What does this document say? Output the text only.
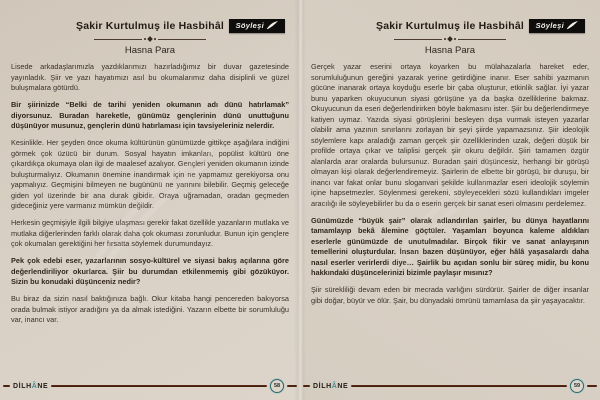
Şakir Kurtulmuş ile Hasbihâl	Söyleşi
Hasna Para

Lisede arkadaşlarımızla yazdıklarımızı hazırladığımız bir duvar gazetesinde yayınladık. Şiir ve yazı hayatımızı asıl bu okumalarımız daha disiplinli ve güzel buluşmalara götürdü.

Bir şiirinizde “Belki de tarihi yeniden okumanın adı dünü hatırlamak” diyorsunuz. Buradan hareketle, günümüz gençlerinin dünü unuttuğunu düşünüyor musunuz, gençlerin dünü hatırlaması için tavsiyeleriniz nelerdir.

Kesinlikle. Her şeyden önce okuma kültürünün günümüzde gittikçe aşağılara indiğini görmek çok üzücü bir durum. Sosyal hayatın imkanları, popülist kültürü öne çıkardıkça okumaya olan ilgi de maalesef azalıyor. Gençleri yeniden okumanın izinde buluşturmalıyız. Okumanın önemine inandırmak için ne yapmamız gerekiyorsa onu yapmalıyız. Geçmişini bilmeyen ne bugününü ne yarınını bilebilir. Geçmiş geleceğe giden yol üzerinde bir ana durak gibidir. Oraya uğramadan, oradan geçmeden gideceğiniz yere varmanız mümkün değildir.

Herkesin geçmişiyle ilgili bilgiye ulaşması gerekir fakat özellikle yazanların mutlaka ve mutlaka diğerlerinden farklı olarak daha çok okuması zorunludur. Bunun için gençlere çok okumaları gerektiğini her fırsatta söylemek durumundayız.

Pek çok edebi eser, yazarlarının sosyo-kültürel ve siyasi bakış açılarına göre değerlendiriliyor okurlarca. Şiir bu durumdan etkilenmemiş gibi gözüküyor. Sizin bu konudaki düşünceniz nedir?

Bu biraz da sizin nasıl baktığınıza bağlı. Okur kitaba hangi pencereden bakıyorsa orada bulmak istiyor aradığını ya da almak istediğini. Yazarın elbette bir sorumluluğu var, inancı var.

DİLHÂNE	58
Şakir Kurtulmuş ile Hasbihâl	Söyleşi
Hasna Para

Gerçek yazar eserini ortaya koyarken bu mülahazalarla hareket eder, sorumluluğunun gereğini yazarak yerine getirdiğine inanır. Eser sahibi yazmanın gücüne inanarak ortaya koyduğu eserle bir çaba oluşturur, etkinlik sağlar. İyi yazar bunu yaparken okuyucunun siyasi görüşüne ya da başka özelliklerine bakmaz. Okuyucunun da eseri değerlendirirken böyle bakmasını ister. Şiir bu değerlendirmeye katiyen uymaz. Yazıda siyasi görüşlerini besleyen dışa vurmak isteyen yazarlar olabilir ama yazının sınırlarını zorlayan bir şeyi şiirde yapamazsınız. Şiir ideolojik söylemlere kapı araladığı zaman gerçek şiir özelliklerinden uzak, değeri düşük bir profilde ortaya çıkar ve taliplisi gerçek şiir okuru değildir. Şiiri tamamen özgür alanlarda arar oralarda bulursunuz. Buradan şairi düşüncesiz, herhangi bir görüşü olmayan kişi olarak değerlendiremeyiz. Şairlerin de elbette bir görüşü, bir duruşu, bir inancı var fakat onlar bunu sloganvari şekilde kullanmazlar eseri ideolojik söylemin içine hapsetmezler. Söylenmesi gerekeni, söyleyecekleri sözü kullandıkları imgeler aracılığı ile söyleyebilirler bu da o eserin gerçek bir sanat eseri olmasını perdelemez.

Günümüzde “büyük şair” olarak adlandırılan şairler, bu dünya hayatlarını tamamlayıp bekâ âlemine göçtüler. Yaşamları boyunca kaleme aldıkları eserlerle günümüzde de unutulmadılar. Birçok fikir ve sanat anlayışının temellerini oluşturdular. İnsan bazen düşünüyor, eğer hâlâ yaşasalardı daha nasıl eserler verirlerdi diye… Şairlik bu açıdan sonlu bir süreç midir, bu konu hakkındaki düşüncelerinizi bizimle paylaşır mısınız?

Şiir sürekliliği devam eden bir mecrada varlığını sürdürür. Şairler de diğer insanlar gibi doğar, büyür ve ölür. Şair, bu dünyadaki ömrünü tamamlasa da şiir yaşayacaktır.

DİLHÂNE	59
